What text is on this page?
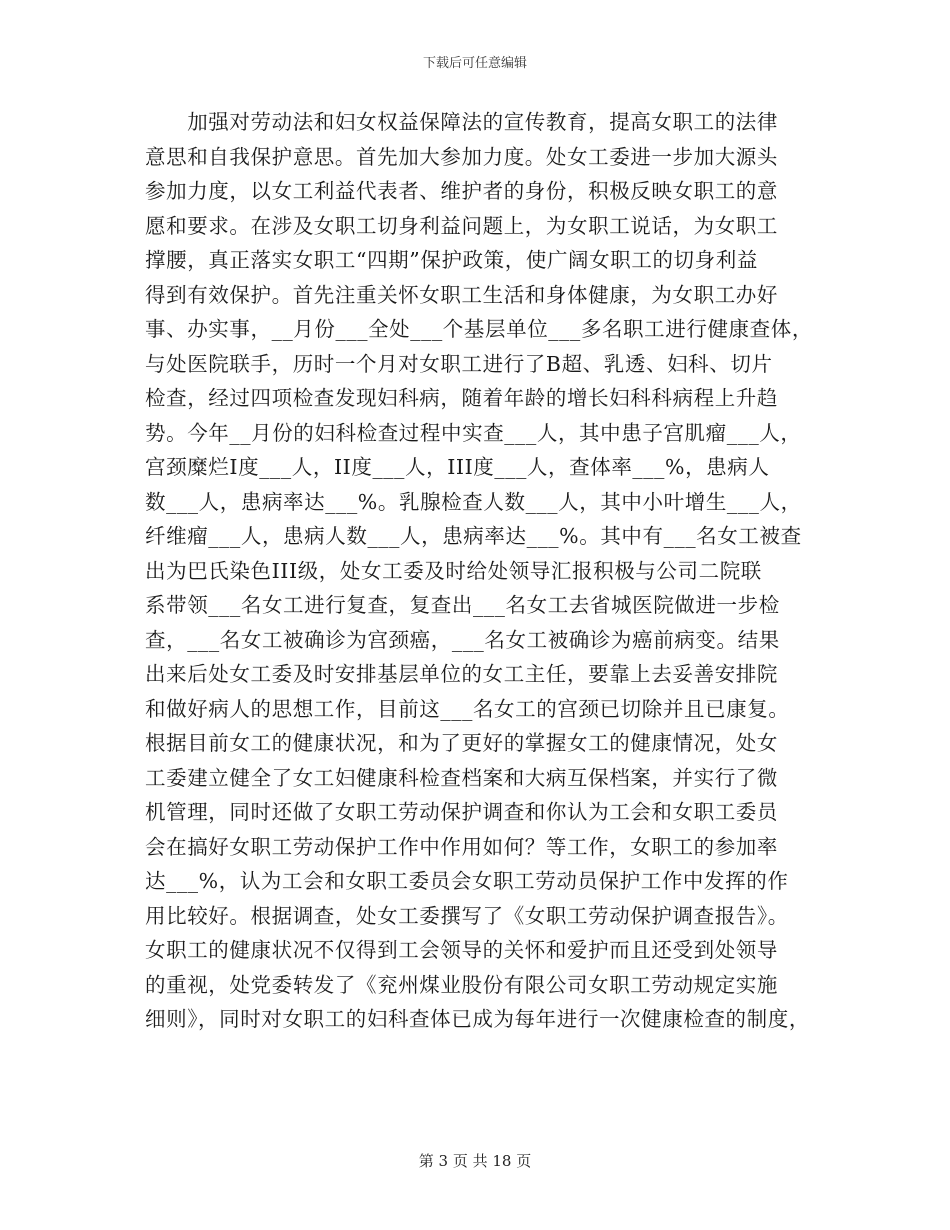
下载后可任意编辑
　　加强对劳动法和妇女权益保障法的宣传教育，提高女职工的法律
意思和自我保护意思。首先加大参加力度。处女工委进一步加大源头
参加力度，以女工利益代表者、维护者的身份，积极反映女职工的意
愿和要求。在涉及女职工切身利益问题上，为女职工说话，为女职工
撑腰，真正落实女职工“四期”保护政策，使广阔女职工的切身利益
得到有效保护。首先注重关怀女职工生活和身体健康，为女职工办好
事、办实事，__月份___全处___个基层单位___多名职工进行健康查体，
与处医院联手，历时一个月对女职工进行了B超、乳透、妇科、切片
检查，经过四项检查发现妇科病，随着年龄的增长妇科科病程上升趋
势。今年__月份的妇科检查过程中实查___人，其中患子宫肌瘤___人，
宫颈糜烂I度___人，II度___人，III度___人，查体率___%，患病人
数___人，患病率达___%。乳腺检查人数___人，其中小叶增生___人，
纤维瘤___人，患病人数___人，患病率达___%。其中有___名女工被查
出为巴氏染色III级，处女工委及时给处领导汇报积极与公司二院联
系带领___名女工进行复查，复查出___名女工去省城医院做进一步检
查，___名女工被确诊为宫颈癌，___名女工被确诊为癌前病变。结果
出来后处女工委及时安排基层单位的女工主任，要靠上去妥善安排院
和做好病人的思想工作，目前这___名女工的宫颈已切除并且已康复。
根据目前女工的健康状况，和为了更好的掌握女工的健康情况，处女
工委建立健全了女工妇健康科检查档案和大病互保档案，并实行了微
机管理，同时还做了女职工劳动保护调查和你认为工会和女职工委员
会在搞好女职工劳动保护工作中作用如何？等工作，女职工的参加率
达___%，认为工会和女职工委员会女职工劳动员保护工作中发挥的作
用比较好。根据调查，处女工委撰写了《女职工劳动保护调查报告》。
女职工的健康状况不仅得到工会领导的关怀和爱护而且还受到处领导
的重视，处党委转发了《兖州煤业股份有限公司女职工劳动规定实施
细则》，同时对女职工的妇科查体已成为每年进行一次健康检查的制度，
第 3 页 共 18 页
